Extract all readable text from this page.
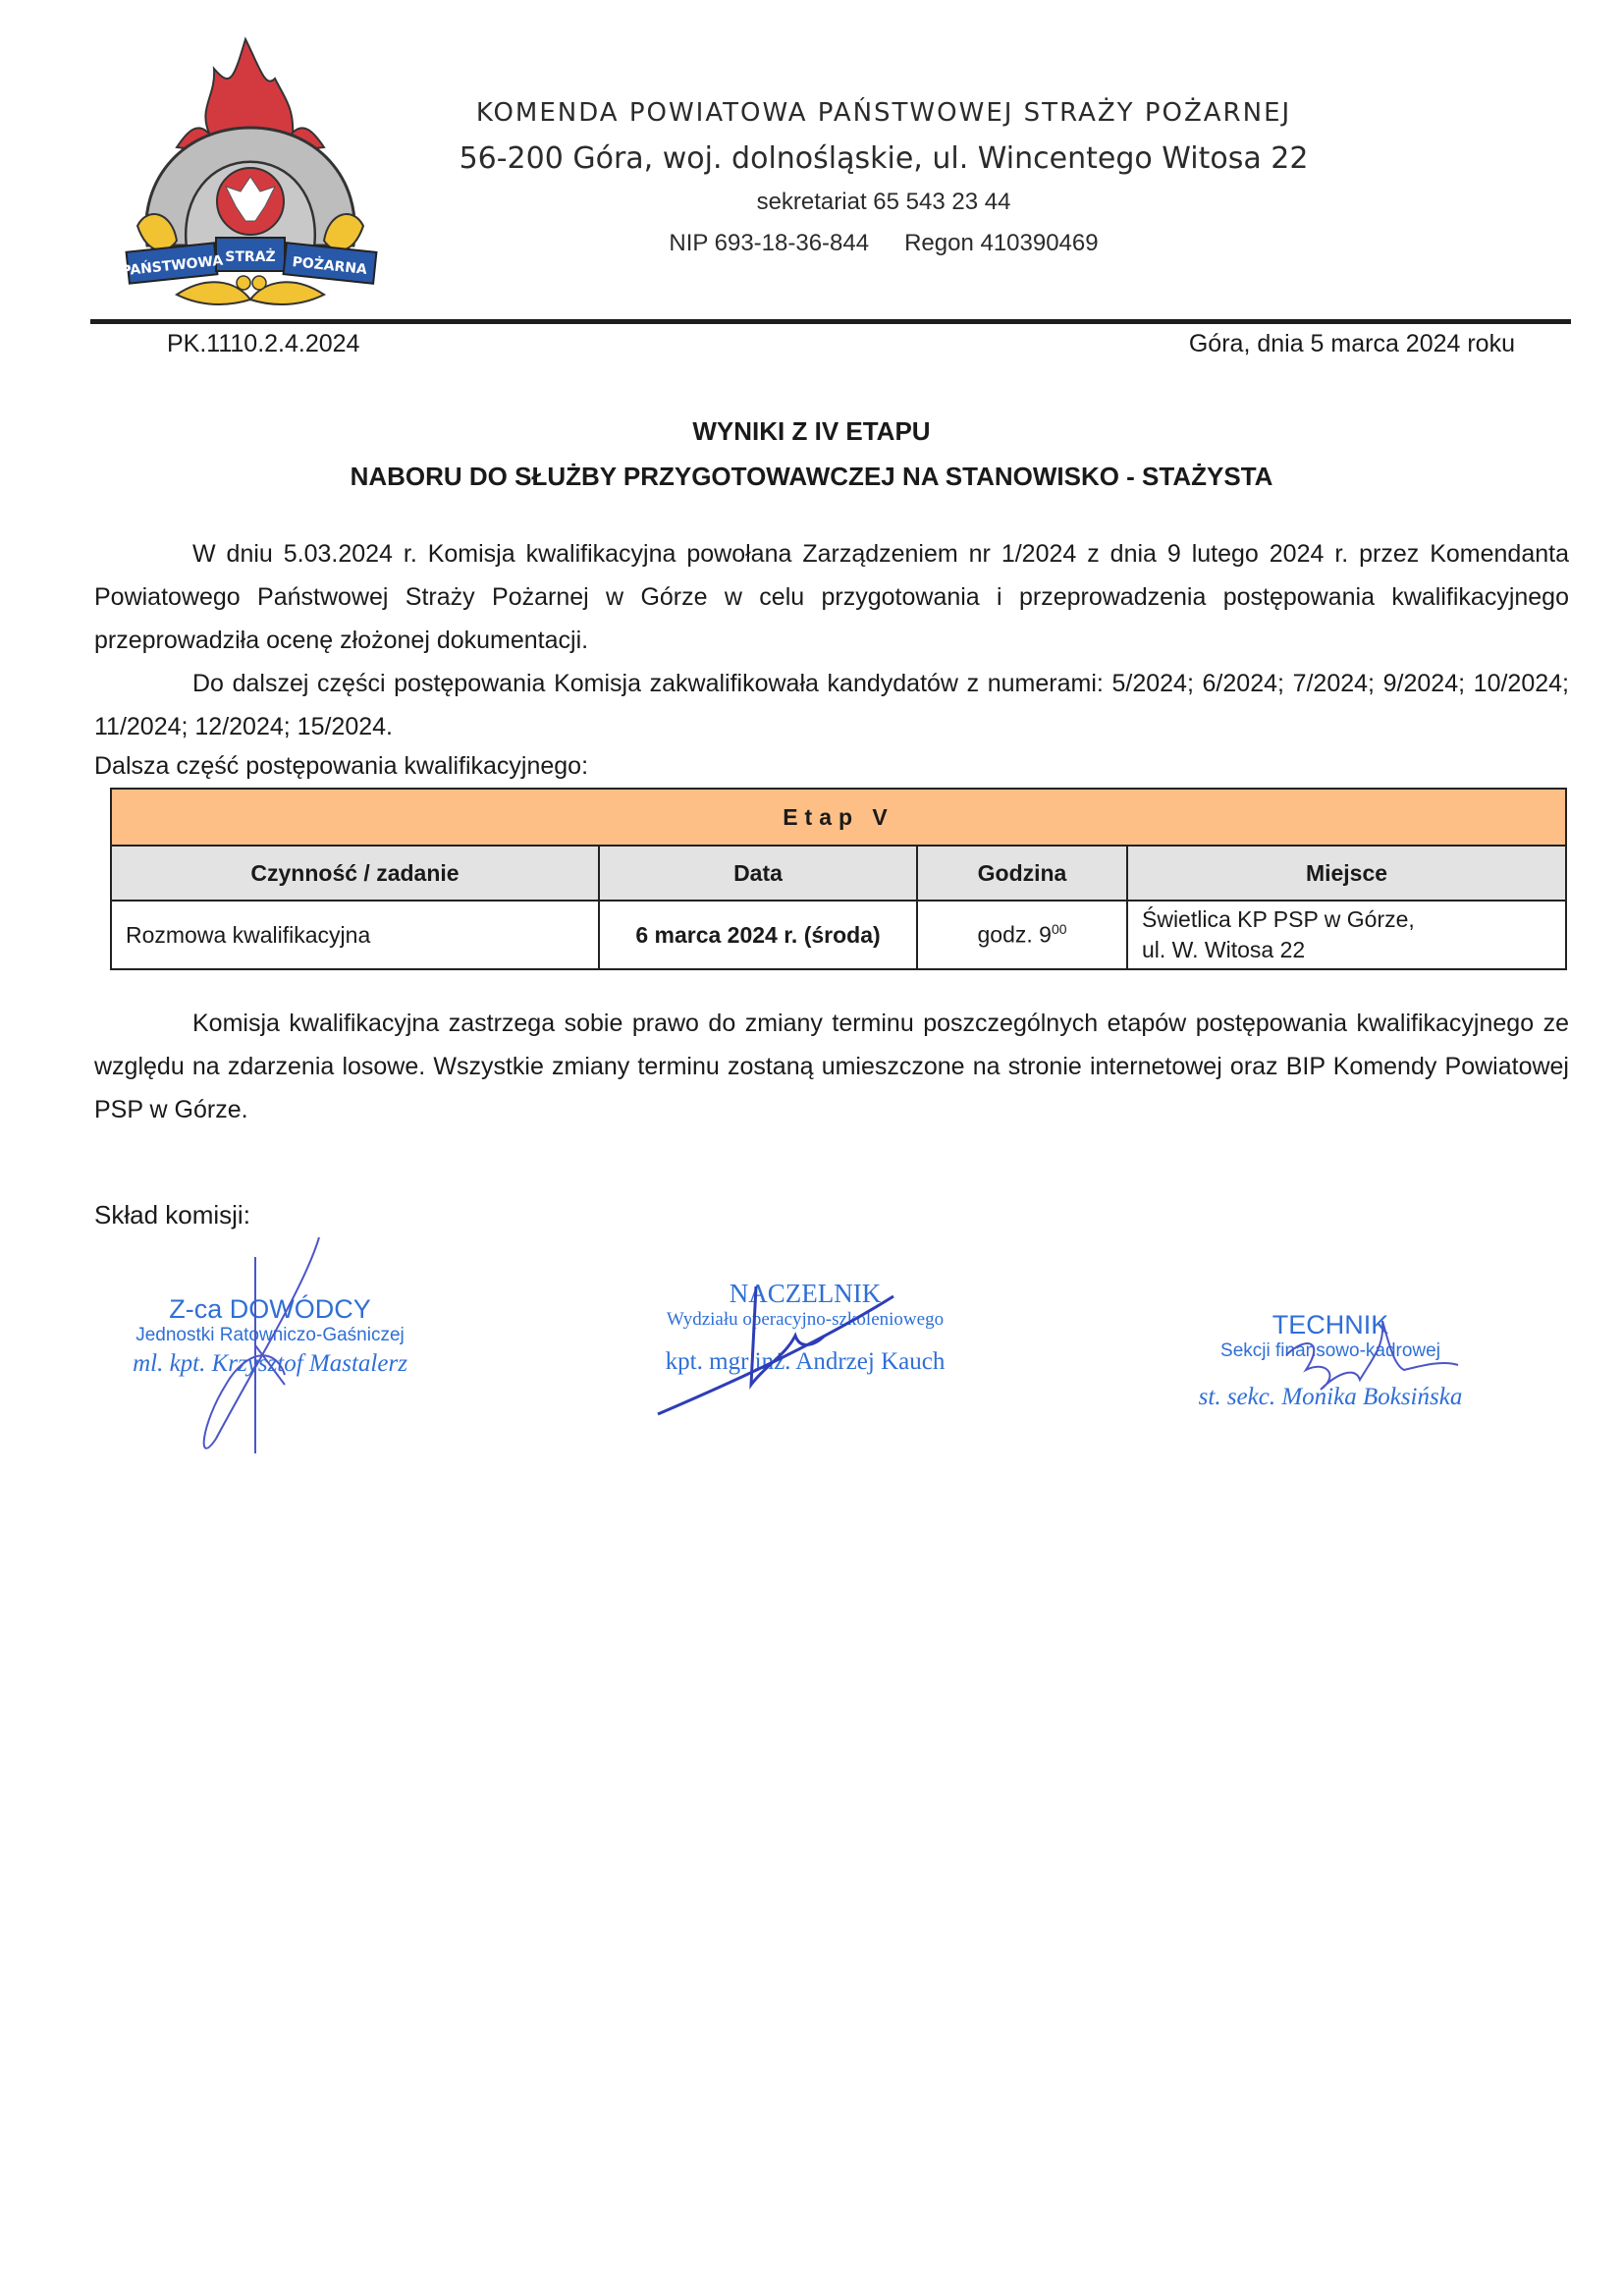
PAŃSTWOWA STRAŻ POŻARNA
KOMENDA POWIATOWA PAŃSTWOWEJ STRAŻY POŻARNEJ
56-200 Góra, woj. dolnośląskie, ul. Wincentego Witosa 22
sekretariat 65 543 23 44
NIP 693-18-36-844 Regon 410390469
PK.1110.2.4.2024	Góra, dnia 5 marca 2024 roku
WYNIKI Z IV ETAPU
NABORU DO SŁUŻBY PRZYGOTOWAWCZEJ NA STANOWISKO - STAŻYSTA
W dniu 5.03.2024 r. Komisja kwalifikacyjna powołana Zarządzeniem nr 1/2024 z dnia 9 lutego 2024 r. przez Komendanta Powiatowego Państwowej Straży Pożarnej w Górze w celu przygotowania i przeprowadzenia postępowania kwalifikacyjnego przeprowadziła ocenę złożonej dokumentacji.
Do dalszej części postępowania Komisja zakwalifikowała kandydatów z numerami: 5/2024; 6/2024; 7/2024; 9/2024; 10/2024; 11/2024; 12/2024; 15/2024.
Dalsza część postępowania kwalifikacyjnego:
Etap V			
Czynność / zadanie	Data	Godzina	Miejsce
Rozmowa kwalifikacyjna	6 marca 2024 r. (środa)	godz. $9^{00}$	Świetlica KP PSP w Górze,
ul. W. Witosa 22
Komisja kwalifikacyjna zastrzega sobie prawo do zmiany terminu poszczególnych etapów postępowania kwalifikacyjnego ze względu na zdarzenia losowe. Wszystkie zmiany terminu zostaną umieszczone na stronie internetowej oraz BIP Komendy Powiatowej PSP w Górze.
Skład komisji:
Z-ca DOWÓDCY
Jednostki Ratowniczo-Gaśniczej
ml. kpt. Krzysztof Mastalerz
NACZELNIK
Wydziału operacyjno-szkoleniowego
kpt. mgr inż. Andrzej Kauch
TECHNIK
Sekcji finansowo-kadrowej
st. sekc. Monika Boksińska
